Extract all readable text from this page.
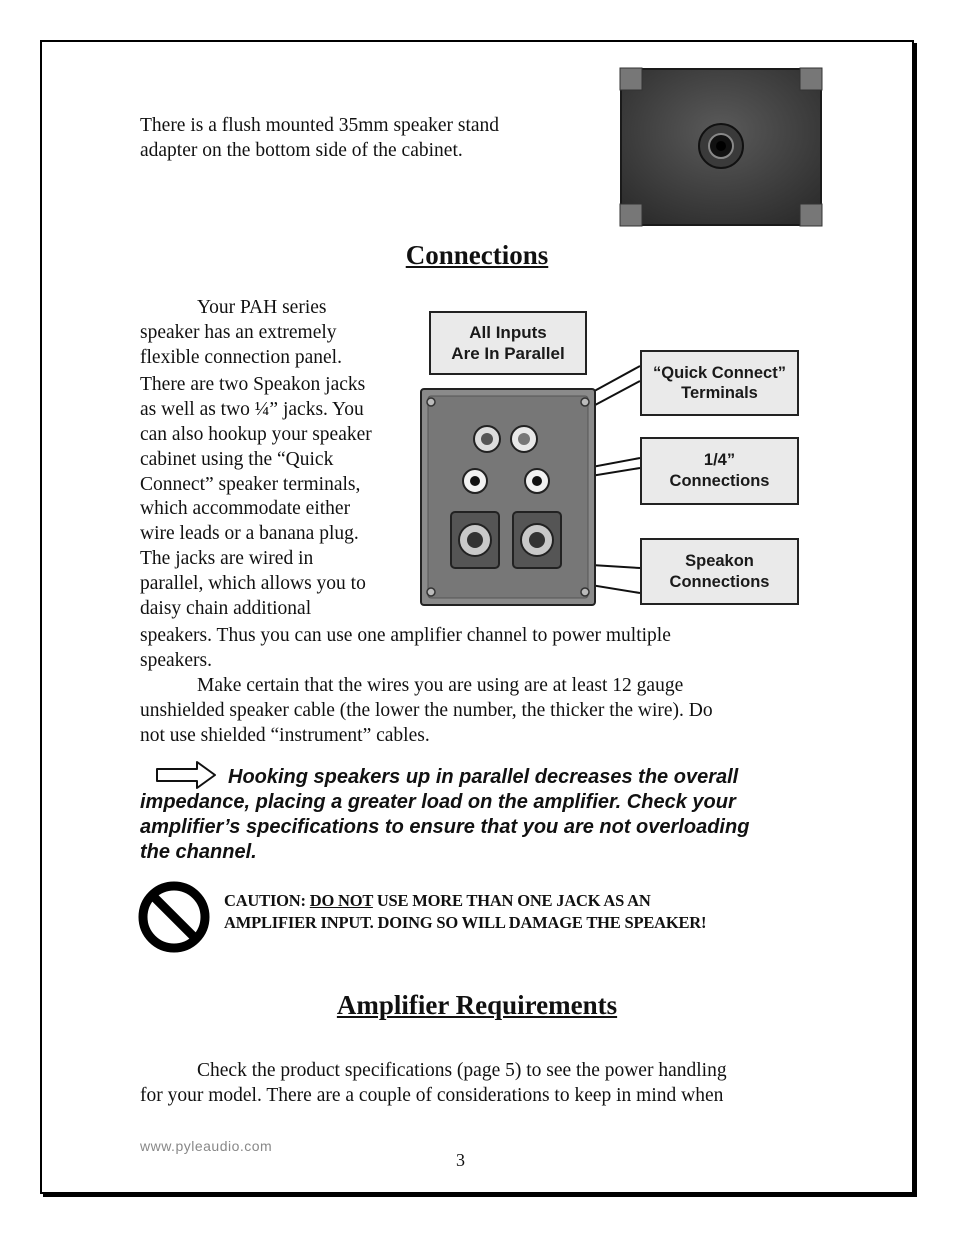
There is a flush mounted 35mm speaker stand
adapter on the bottom side of the cabinet.
Connections
Your PAH series
speaker has an extremely
flexible connection panel.
There are two Speakon jacks
as well as two ¼” jacks. You
can also hookup your speaker
cabinet using the “Quick
Connect” speaker terminals,
which accommodate either
wire leads or a banana plug.
The jacks are wired in
parallel, which allows you to
daisy chain additional
All Inputs
Are In Parallel
“Quick Connect”
Terminals
1/4”
Connections
Speakon
Connections
speakers. Thus you can use one amplifier channel to power multiple
speakers.
Make certain that the wires you are using are at least 12 gauge
unshielded speaker cable (the lower the number, the thicker the wire). Do
not use shielded “instrument” cables.
Hooking speakers up in parallel decreases the overall
impedance, placing a greater load on the amplifier. Check your
amplifier’s specifications to ensure that you are not overloading
the channel.
CAUTION: DO NOT USE MORE THAN ONE JACK AS AN
AMPLIFIER INPUT. DOING SO WILL DAMAGE THE SPEAKER!
Amplifier Requirements
Check the product specifications (page 5) to see the power handling
for your model. There are a couple of considerations to keep in mind when
www.pyleaudio.com
3
